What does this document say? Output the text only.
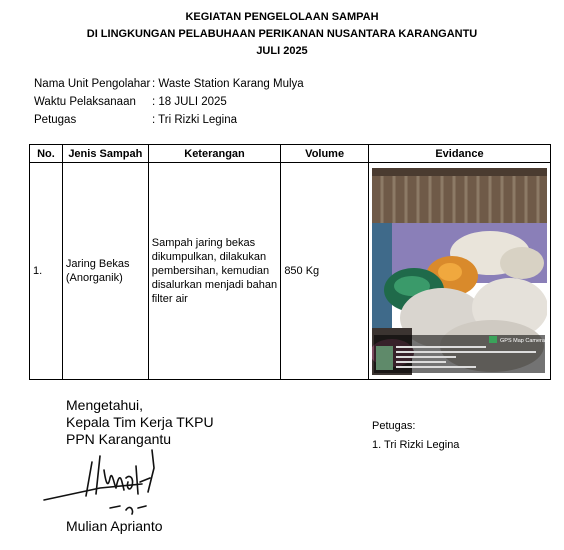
KEGIATAN PENGELOLAAN SAMPAH
DI LINGKUNGAN PELABUHAAN PERIKANAN NUSANTARA KARANGANTU
JULI 2025
Nama Unit Pengolahar : Waste Station Karang Mulya
Waktu Pelaksanaan : 18 JULI 2025
Petugas	: Tri Rizki Legina
No.	Jenis Sampah	Keterangan	Volume	Evidance
1.	Jaring Bekas (Anorganik)	Sampah jaring bekas dikumpulkan, dilakukan pembersihan, kemudian disalurkan menjadi bahan filter air	850 Kg	GPS Map Camera
Mengetahui,
Kepala Tim Kerja TKPU
PPN Karangantu
Mulian Aprianto
Petugas:
1. Tri Rizki Legina
